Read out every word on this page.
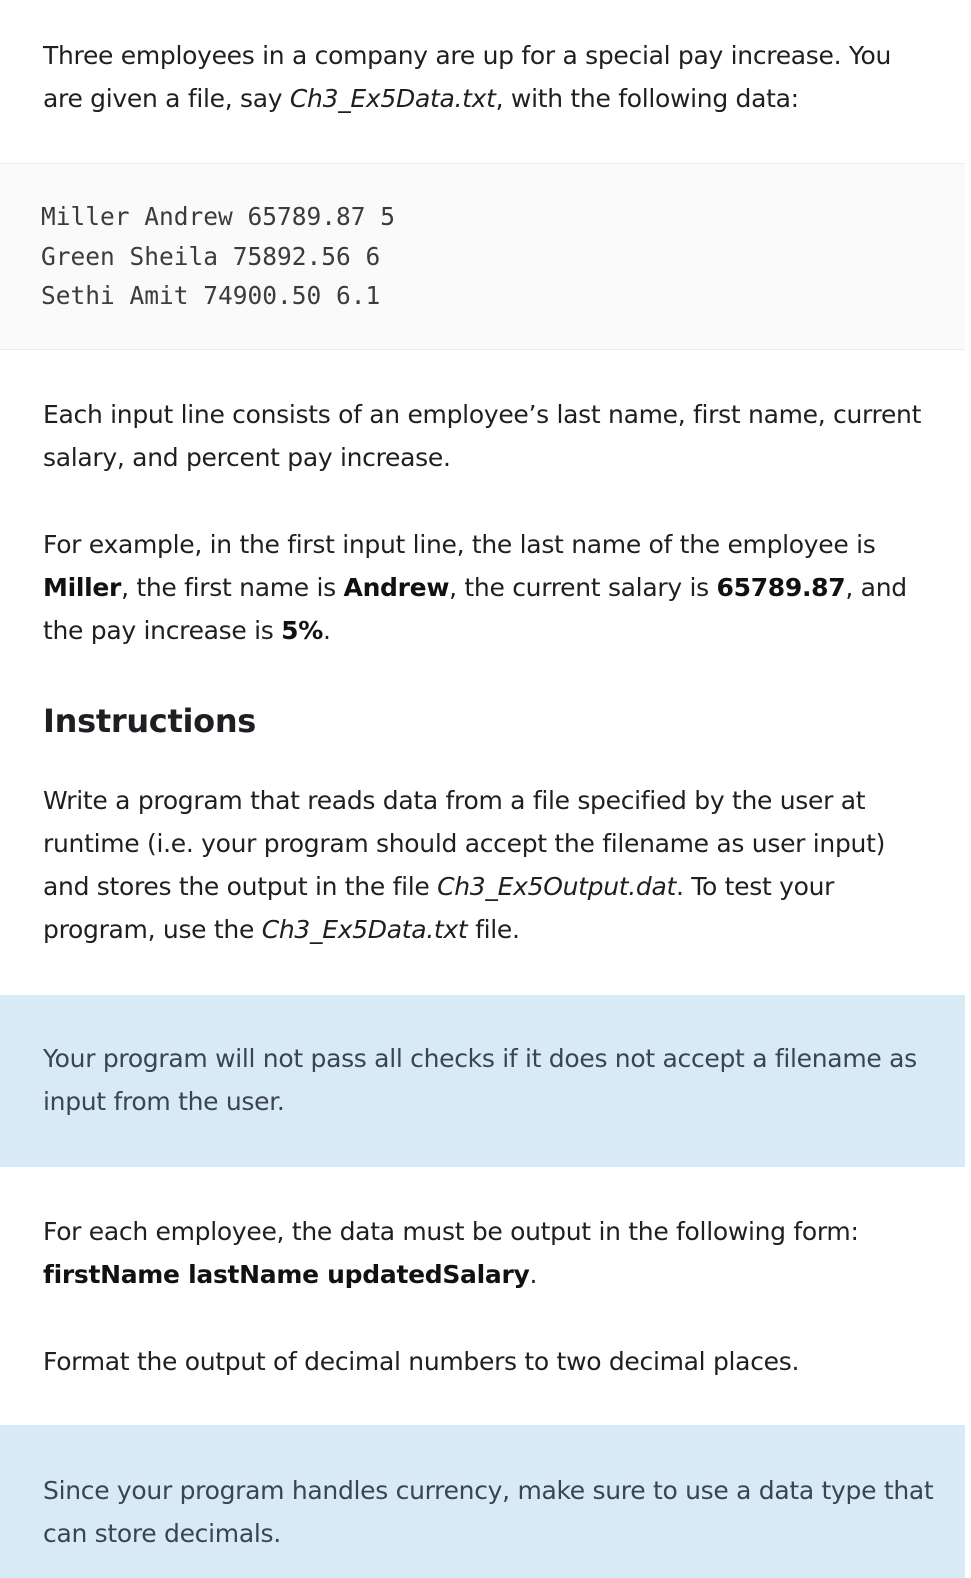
Three employees in a company are up for a special pay increase. You are given a file, say Ch3_Ex5Data.txt, with the following data:

Miller Andrew 65789.87 5
Green Sheila 75892.56 6
Sethi Amit 74900.50 6.1

Each input line consists of an employee’s last name, first name, current salary, and percent pay increase.

For example, in the first input line, the last name of the employee is Miller, the first name is Andrew, the current salary is 65789.87, and the pay increase is 5%.

Instructions

Write a program that reads data from a file specified by the user at runtime (i.e. your program should accept the filename as user input) and stores the output in the file Ch3_Ex5Output.dat. To test your program, use the Ch3_Ex5Data.txt file.

Your program will not pass all checks if it does not accept a filename as input from the user.

For each employee, the data must be output in the following form: firstName lastName updatedSalary.

Format the output of decimal numbers to two decimal places.

Since your program handles currency, make sure to use a data type that can store decimals.
